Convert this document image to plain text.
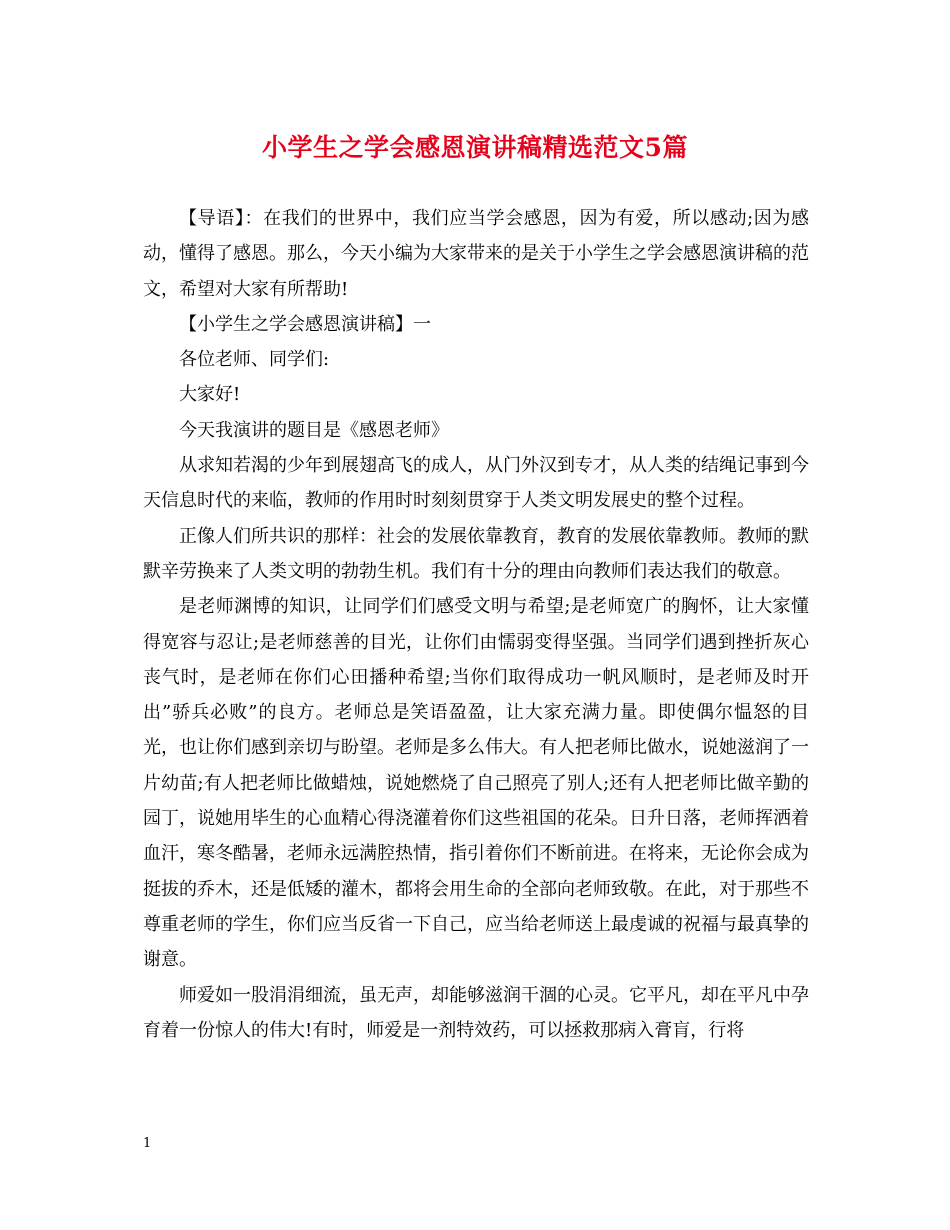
小学生之学会感恩演讲稿精选范文5篇

【导语】：在我们的世界中，我们应当学会感恩，因为有爱，所以感动;因为感动，懂得了感恩。那么，今天小编为大家带来的是关于小学生之学会感恩演讲稿的范文，希望对大家有所帮助!

【小学生之学会感恩演讲稿】一

各位老师、同学们:

大家好!

今天我演讲的题目是《感恩老师》

从求知若渴的少年到展翅高飞的成人，从门外汉到专才，从人类的结绳记事到今天信息时代的来临，教师的作用时时刻刻贯穿于人类文明发展史的整个过程。

正像人们所共识的那样：社会的发展依靠教育，教育的发展依靠教师。教师的默默辛劳换来了人类文明的勃勃生机。我们有十分的理由向教师们表达我们的敬意。

是老师渊博的知识，让同学们们感受文明与希望;是老师宽广的胸怀，让大家懂得宽容与忍让;是老师慈善的目光，让你们由懦弱变得坚强。当同学们遇到挫折灰心丧气时，是老师在你们心田播种希望;当你们取得成功一帆风顺时，是老师及时开出”骄兵必败”的良方。老师总是笑语盈盈，让大家充满力量。即使偶尔愠怒的目光，也让你们感到亲切与盼望。老师是多么伟大。有人把老师比做水，说她滋润了一片幼苗;有人把老师比做蜡烛，说她燃烧了自己照亮了别人;还有人把老师比做辛勤的园丁，说她用毕生的心血精心得浇灌着你们这些祖国的花朵。日升日落，老师挥洒着血汗，寒冬酷暑，老师永远满腔热情，指引着你们不断前进。在将来，无论你会成为挺拔的乔木，还是低矮的灌木，都将会用生命的全部向老师致敬。在此，对于那些不尊重老师的学生，你们应当反省一下自己，应当给老师送上最虔诚的祝福与最真挚的谢意。

师爱如一股涓涓细流，虽无声，却能够滋润干涸的心灵。它平凡，却在平凡中孕育着一份惊人的伟大!有时，师爱是一剂特效药，可以拯救那病入膏肓，行将

1
